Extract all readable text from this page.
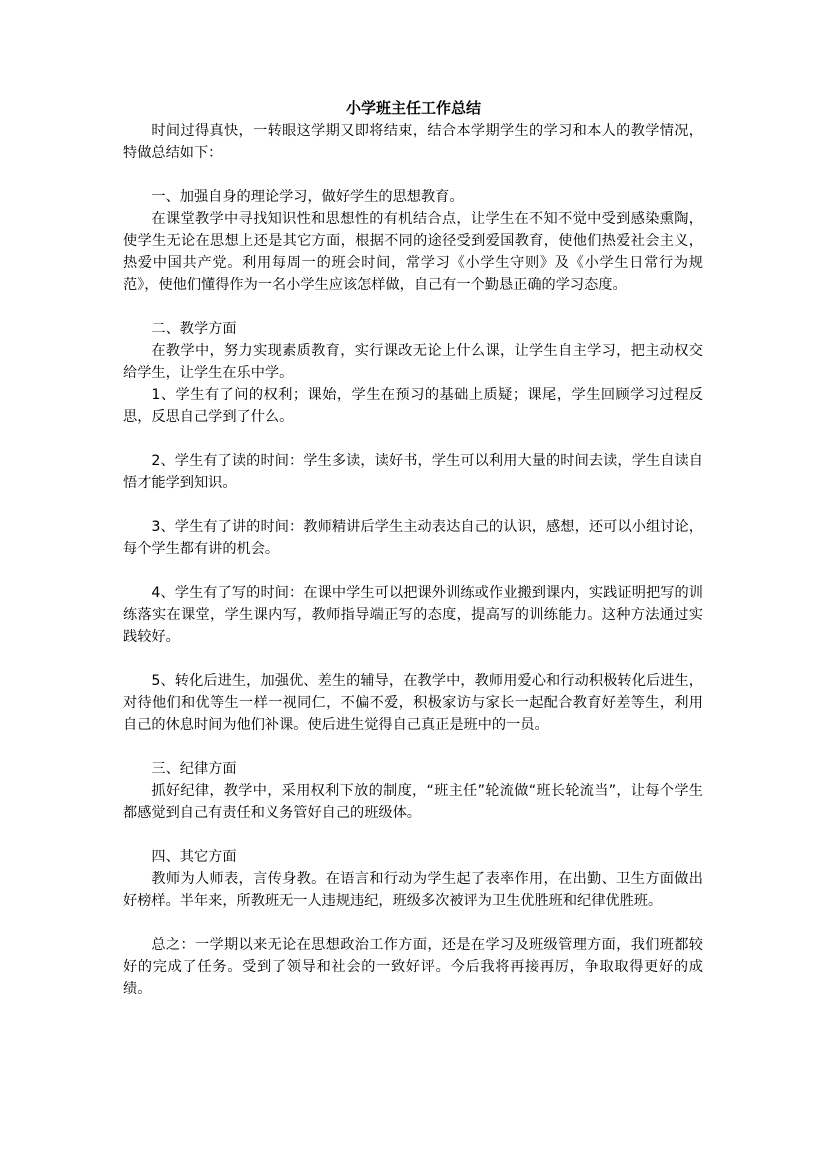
小学班主任工作总结

时间过得真快，一转眼这学期又即将结束，结合本学期学生的学习和本人的教学情况，特做总结如下：

一、加强自身的理论学习，做好学生的思想教育。

在课堂教学中寻找知识性和思想性的有机结合点，让学生在不知不觉中受到感染熏陶，使学生无论在思想上还是其它方面，根据不同的途径受到爱国教育，使他们热爱社会主义，热爱中国共产党。利用每周一的班会时间，常学习《小学生守则》及《小学生日常行为规范》，使他们懂得作为一名小学生应该怎样做，自己有一个勤恳正确的学习态度。

二、教学方面

在教学中，努力实现素质教育，实行课改无论上什么课，让学生自主学习，把主动权交给学生，让学生在乐中学。

1、学生有了问的权利；课始，学生在预习的基础上质疑；课尾，学生回顾学习过程反思，反思自己学到了什么。

2、学生有了读的时间：学生多读，读好书，学生可以利用大量的时间去读，学生自读自悟才能学到知识。

3、学生有了讲的时间：教师精讲后学生主动表达自己的认识，感想，还可以小组讨论，每个学生都有讲的机会。

4、学生有了写的时间：在课中学生可以把课外训练或作业搬到课内，实践证明把写的训练落实在课堂，学生课内写，教师指导端正写的态度，提高写的训练能力。这种方法通过实践较好。

5、转化后进生，加强优、差生的辅导，在教学中，教师用爱心和行动积极转化后进生，对待他们和优等生一样一视同仁，不偏不爱，积极家访与家长一起配合教育好差等生，利用自己的休息时间为他们补课。使后进生觉得自己真正是班中的一员。

三、纪律方面

抓好纪律，教学中，采用权利下放的制度，“班主任”轮流做“班长轮流当”，让每个学生都感觉到自己有责任和义务管好自己的班级体。

四、其它方面

教师为人师表，言传身教。在语言和行动为学生起了表率作用，在出勤、卫生方面做出好榜样。半年来，所教班无一人违规违纪，班级多次被评为卫生优胜班和纪律优胜班。

总之：一学期以来无论在思想政治工作方面，还是在学习及班级管理方面，我们班都较好的完成了任务。受到了领导和社会的一致好评。今后我将再接再厉，争取取得更好的成绩。
